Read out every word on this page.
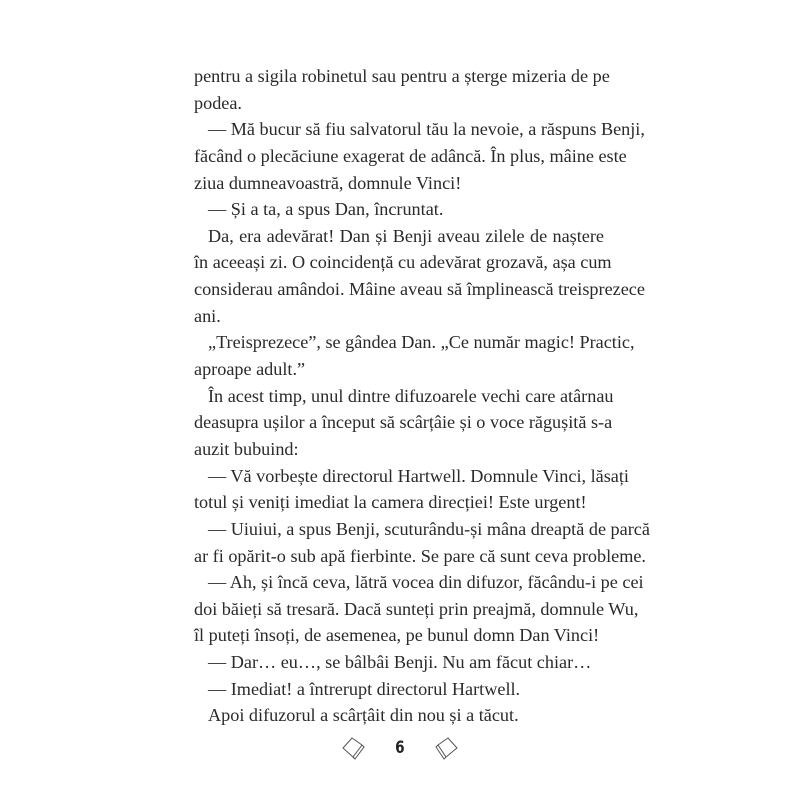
pentru a sigila robinetul sau pentru a șterge mizeria de pe
podea.
— Mă bucur să fiu salvatorul tău la nevoie, a răspuns Benji,
făcând o plecăciune exagerat de adâncă. În plus, mâine este
ziua dumneavoastră, domnule Vinci!
— Și a ta, a spus Dan, încruntat.
Da, era adevărat! Dan și Benji aveau zilele de naștere
în aceeași zi. O coincidență cu adevărat grozavă, așa cum
considerau amândoi. Mâine aveau să împlinească treisprezece
ani.
„Treisprezece”, se gândea Dan. „Ce număr magic! Practic,
aproape adult.”
În acest timp, unul dintre difuzoarele vechi care atârnau
deasupra ușilor a început să scârțâie și o voce răgușită s-a
auzit bubuind:
— Vă vorbește directorul Hartwell. Domnule Vinci, lăsați
totul și veniți imediat la camera direcției! Este urgent!
— Uiuiui, a spus Benji, scuturându-și mâna dreaptă de parcă
ar fi opărit-o sub apă fierbinte. Se pare că sunt ceva probleme.
— Ah, și încă ceva, lătră vocea din difuzor, făcându-i pe cei
doi băieți să tresară. Dacă sunteți prin preajmă, domnule Wu,
îl puteți însoți, de asemenea, pe bunul domn Dan Vinci!
— Dar… eu…, se bâlbâi Benji. Nu am făcut chiar…
— Imediat! a întrerupt directorul Hartwell.
Apoi difuzorul a scârțâit din nou și a tăcut.
6
